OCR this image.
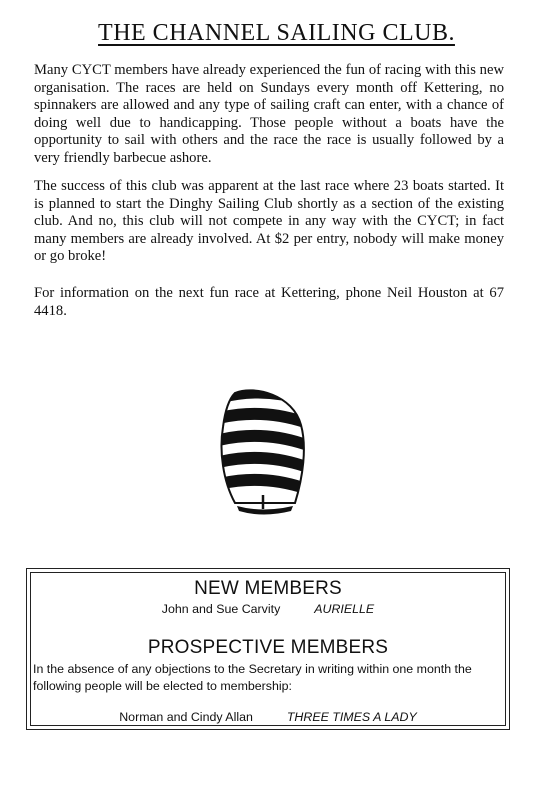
THE CHANNEL SAILING CLUB.

Many CYCT members have already experienced the fun of racing with this new organisation. The races are held on Sundays every month off Kettering, no spinnakers are allowed and any type of sailing craft can enter, with a chance of doing well due to handicapping. Those people without a boats have the opportunity to sail with others and the race the race is usually followed by a very friendly barbecue ashore.

The success of this club was apparent at the last race where 23 boats started. It is planned to start the Dinghy Sailing Club shortly as a section of the existing club. And no, this club will not compete in any way with the CYCT; in fact many members are already involved. At $2 per entry, nobody will make money or go broke!

For information on the next fun race at Kettering, phone Neil Houston at 67 4418.

NEW MEMBERS
John and Sue Carvity	AURIELLE
PROSPECTIVE MEMBERS

In the absence of any objections to the Secretary in writing within one month the following people will be elected to membership:

Norman and Cindy Allan	THREE TIMES A LADY
